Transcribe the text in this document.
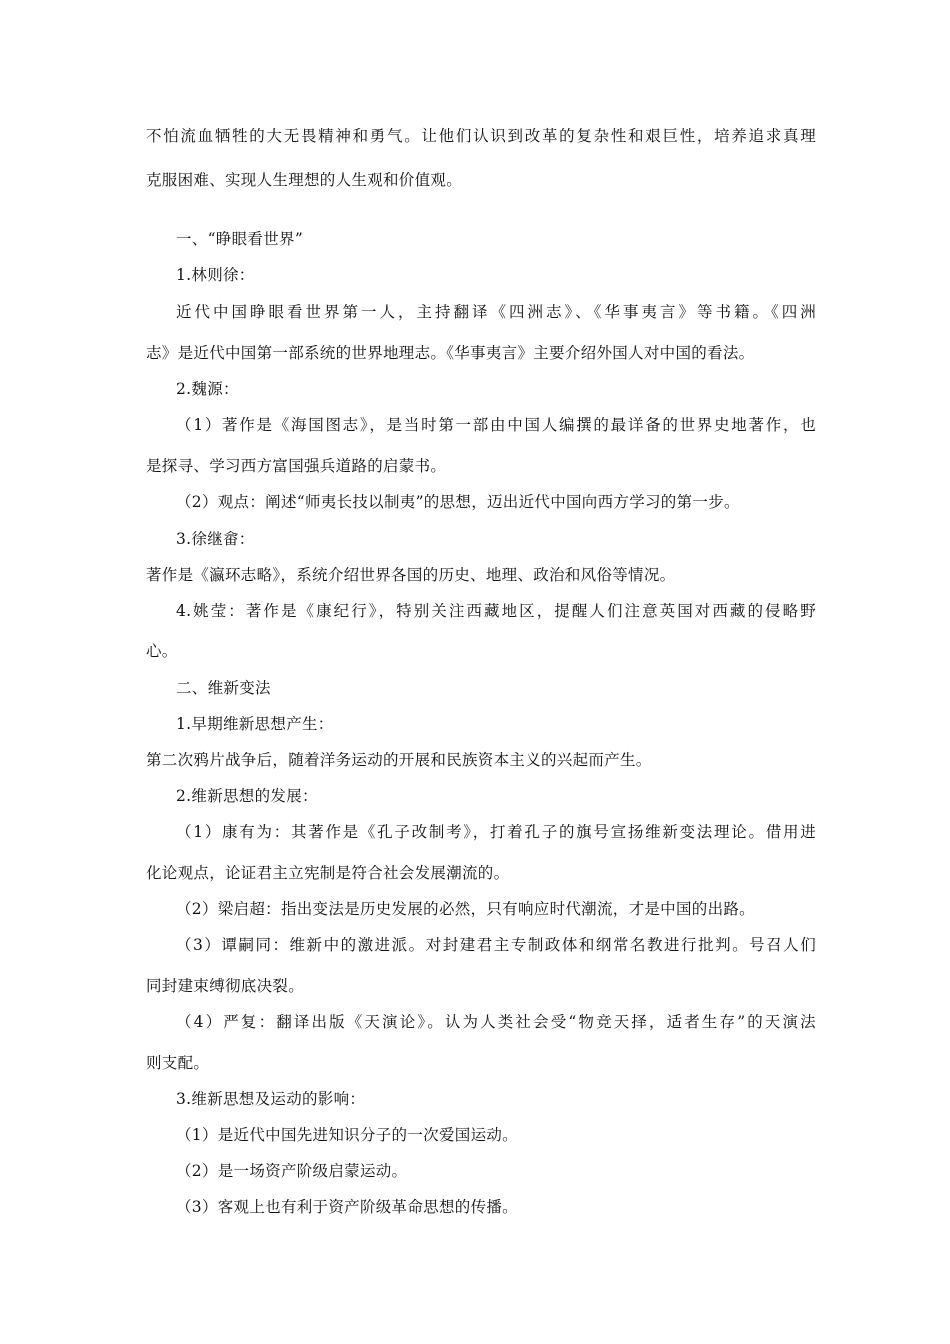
不怕流血牺牲的大无畏精神和勇气。让他们认识到改革的复杂性和艰巨性，培养追求真理
克服困难、实现人生理想的人生观和价值观。
一、“睁眼看世界”
1.林则徐：
近代中国睁眼看世界第一人，主持翻译《四洲志》、《华事夷言》等书籍。《四洲
志》是近代中国第一部系统的世界地理志。《华事夷言》主要介绍外国人对中国的看法。
2.魏源：
（1）著作是《海国图志》，是当时第一部由中国人编撰的最详备的世界史地著作，也
是探寻、学习西方富国强兵道路的启蒙书。
（2）观点：阐述“师夷长技以制夷”的思想，迈出近代中国向西方学习的第一步。
3.徐继畲：
著作是《瀛环志略》，系统介绍世界各国的历史、地理、政治和风俗等情况。
4.姚莹：著作是《康纪行》，特别关注西藏地区，提醒人们注意英国对西藏的侵略野
心。
二、维新变法
1.早期维新思想产生：
第二次鸦片战争后，随着洋务运动的开展和民族资本主义的兴起而产生。
2.维新思想的发展：
（1）康有为：其著作是《孔子改制考》，打着孔子的旗号宣扬维新变法理论。借用进
化论观点，论证君主立宪制是符合社会发展潮流的。
（2）梁启超：指出变法是历史发展的必然，只有响应时代潮流，才是中国的出路。
（3）谭嗣同：维新中的激进派。对封建君主专制政体和纲常名教进行批判。号召人们
同封建束缚彻底决裂。
（4）严复：翻译出版《天演论》。认为人类社会受“物竞天择，适者生存”的天演法
则支配。
3.维新思想及运动的影响：
（1）是近代中国先进知识分子的一次爱国运动。
（2）是一场资产阶级启蒙运动。
（3）客观上也有利于资产阶级革命思想的传播。
